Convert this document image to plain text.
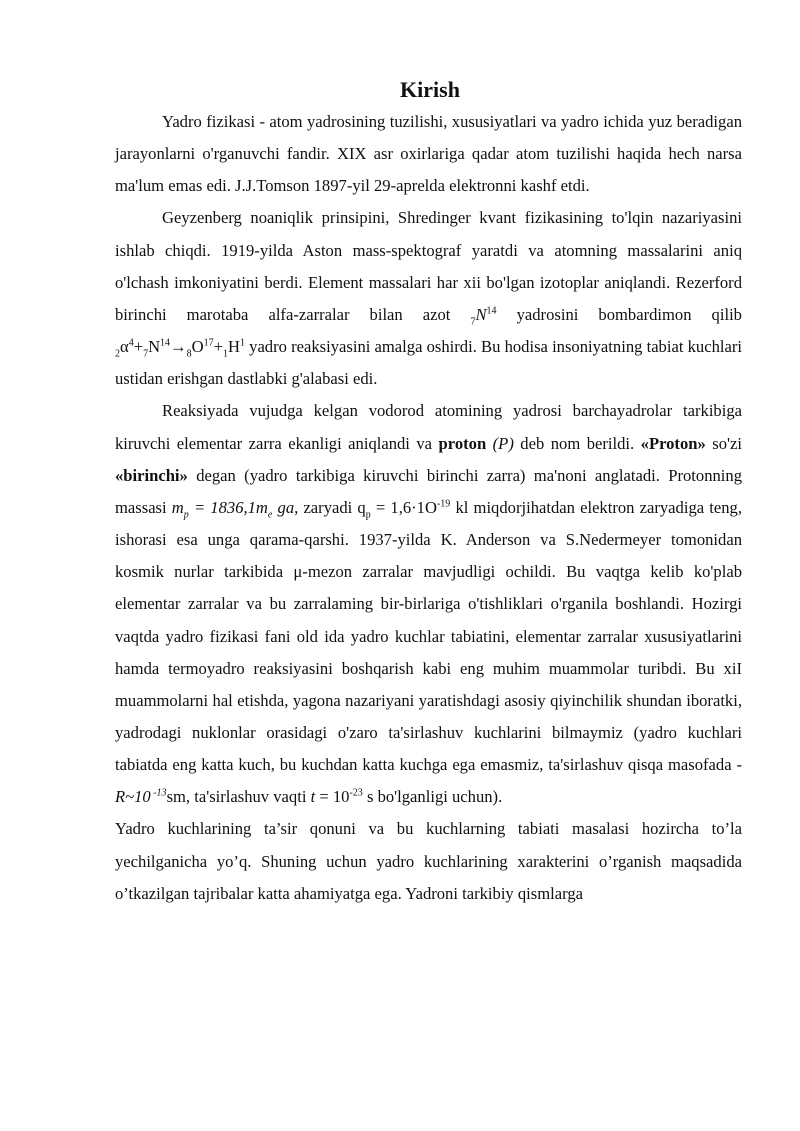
Kirish

Yadro fizikasi - atom yadrosining tuzilishi, xususiyatlari va yadro ichida yuz beradigan jarayonlarni o'rganuvchi fandir. XIX asr oxirlariga qadar atom tuzilishi haqida hech narsa ma'lum emas edi. J.J.Tomson 1897-yil 29-aprelda elektronni kashf etdi.

Geyzenberg noaniqlik prinsipini, Shredinger kvant fizikasining to'lqin nazariyasini ishlab chiqdi. 1919-yilda Aston mass-spektograf yaratdi va atomning massalarini aniq o'lchash imkoniyatini berdi. Element massalari har xii bo'lgan izotoplar aniqlandi. Rezerford birinchi marotaba alfa-zarralar bilan azot $_7N^{14}$ yadrosini bombardimon qilib $_2\alpha^4+_7N^{14}\to_8O^{17}+_1H^1$ yadro reaksiyasini amalga oshirdi. Bu hodisa insoniyatning tabiat kuchlari ustidan erishgan dastlabki g'alabasi edi.

Reaksiyada vujudga kelgan vodorod atomining yadrosi barchayadrolar tarkibiga kiruvchi elementar zarra ekanligi aniqlandi va proton (P) deb nom berildi. «Proton» so'zi «birinchi» degan (yadro tarkibiga kiruvchi birinchi zarra) ma'noni anglatadi. Protonning massasi $m_p = 1836,1m_e$ ga, zaryadi $q_p = 1,6\cdot 1O^{-19}$ kl miqdorjihatdan elektron zaryadiga teng, ishorasi esa unga qarama-qarshi. 1937-yilda K. Anderson va S.Nedermeyer tomonidan kosmik nurlar tarkibida μ-mezon zarralar mavjudligi ochildi. Bu vaqtga kelib ko'plab elementar zarralar va bu zarralaming bir-birlariga o'tishliklari o'rganila boshlandi. Hozirgi vaqtda yadro fizikasi fani old ida yadro kuchlar tabiatini, elementar zarralar xususiyatlarini hamda termoyadro reaksiyasini boshqarish kabi eng muhim muammolar turibdi. Bu xiI muammolarni hal etishda, yagona nazariyani yaratishdagi asosiy qiyinchilik shundan iboratki, yadrodagi nuklonlar orasidagi o'zaro ta'sirlashuv kuchlarini bilmaymiz (yadro kuchlari tabiatda eng katta kuch, bu kuchdan katta kuchga ega emasmiz, ta'sirlashuv qisqa masofada - R~10 $^{-13}$sm, ta'sirlashuv vaqti $t = 10^{-23}$ s bo'lganligi uchun).

Yadro kuchlarining ta’sir qonuni va bu kuchlarning tabiati masalasi hozircha to’la yechilganicha yo’q. Shuning uchun yadro kuchlarining xarakterini o’rganish maqsadida o’tkazilgan tajribalar katta ahamiyatga ega. Yadroni tarkibiy qismlarga
